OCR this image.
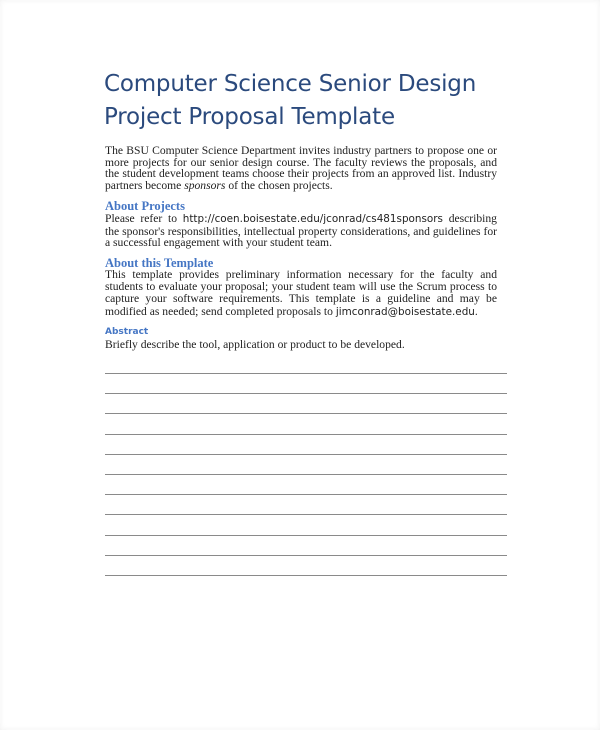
Computer Science Senior Design
Project Proposal Template

The BSU Computer Science Department invites industry partners to propose one or more projects for our senior design course. The faculty reviews the proposals, and the student development teams choose their projects from an approved list. Industry partners become sponsors of the chosen projects.

About Projects

Please refer to http://coen.boisestate.edu/jconrad/cs481sponsors describing the sponsor's responsibilities, intellectual property considerations, and guidelines for a successful engagement with your student team.

About this Template

This template provides preliminary information necessary for the faculty and students to evaluate your proposal; your student team will use the Scrum process to capture your software requirements. This template is a guideline and may be modified as needed; send completed proposals to jimconrad@boisestate.edu.

Abstract

Briefly describe the tool, application or product to be developed.
